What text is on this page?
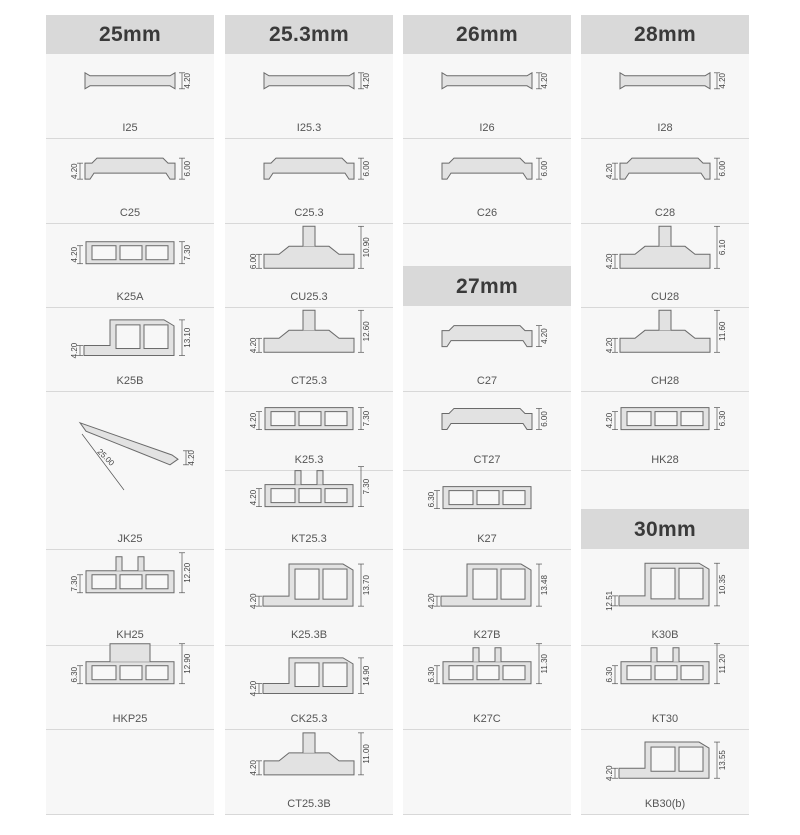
25mm	25.3mm	26mm
27mm
28mm
30mm
4.20
I25
4.20	6.00
C25
4.20	7.30
K25A
4.20
13.10
K25B
25.00	4.20
JK25
7.30
12.20
KH25
6.30
12.90
HKP25
4.20
I25.3
6.00
C25.3
6.00
10.90
CU25.3
4.20
12.60
CT25.3
4.20	7.30
K25.3
4.20
7.30
KT25.3
4.20
13.70
K25.3B
4.20
14.90
CK25.3
4.20
11.00
CT25.3B
4.20
I26
6.00
C26
4.20
C27
6.00
CT27
6.30
K27
4.20
13.48
K27B
6.30
11.30
K27C
4.20
I28
4.20	6.00
C28
4.20
6.10
CU28
4.20
11.60
CH28
4.20	6.30
HK28
12.51
10.35
K30B
6.30
11.20
KT30
4.20
13.55
KB30(b)
